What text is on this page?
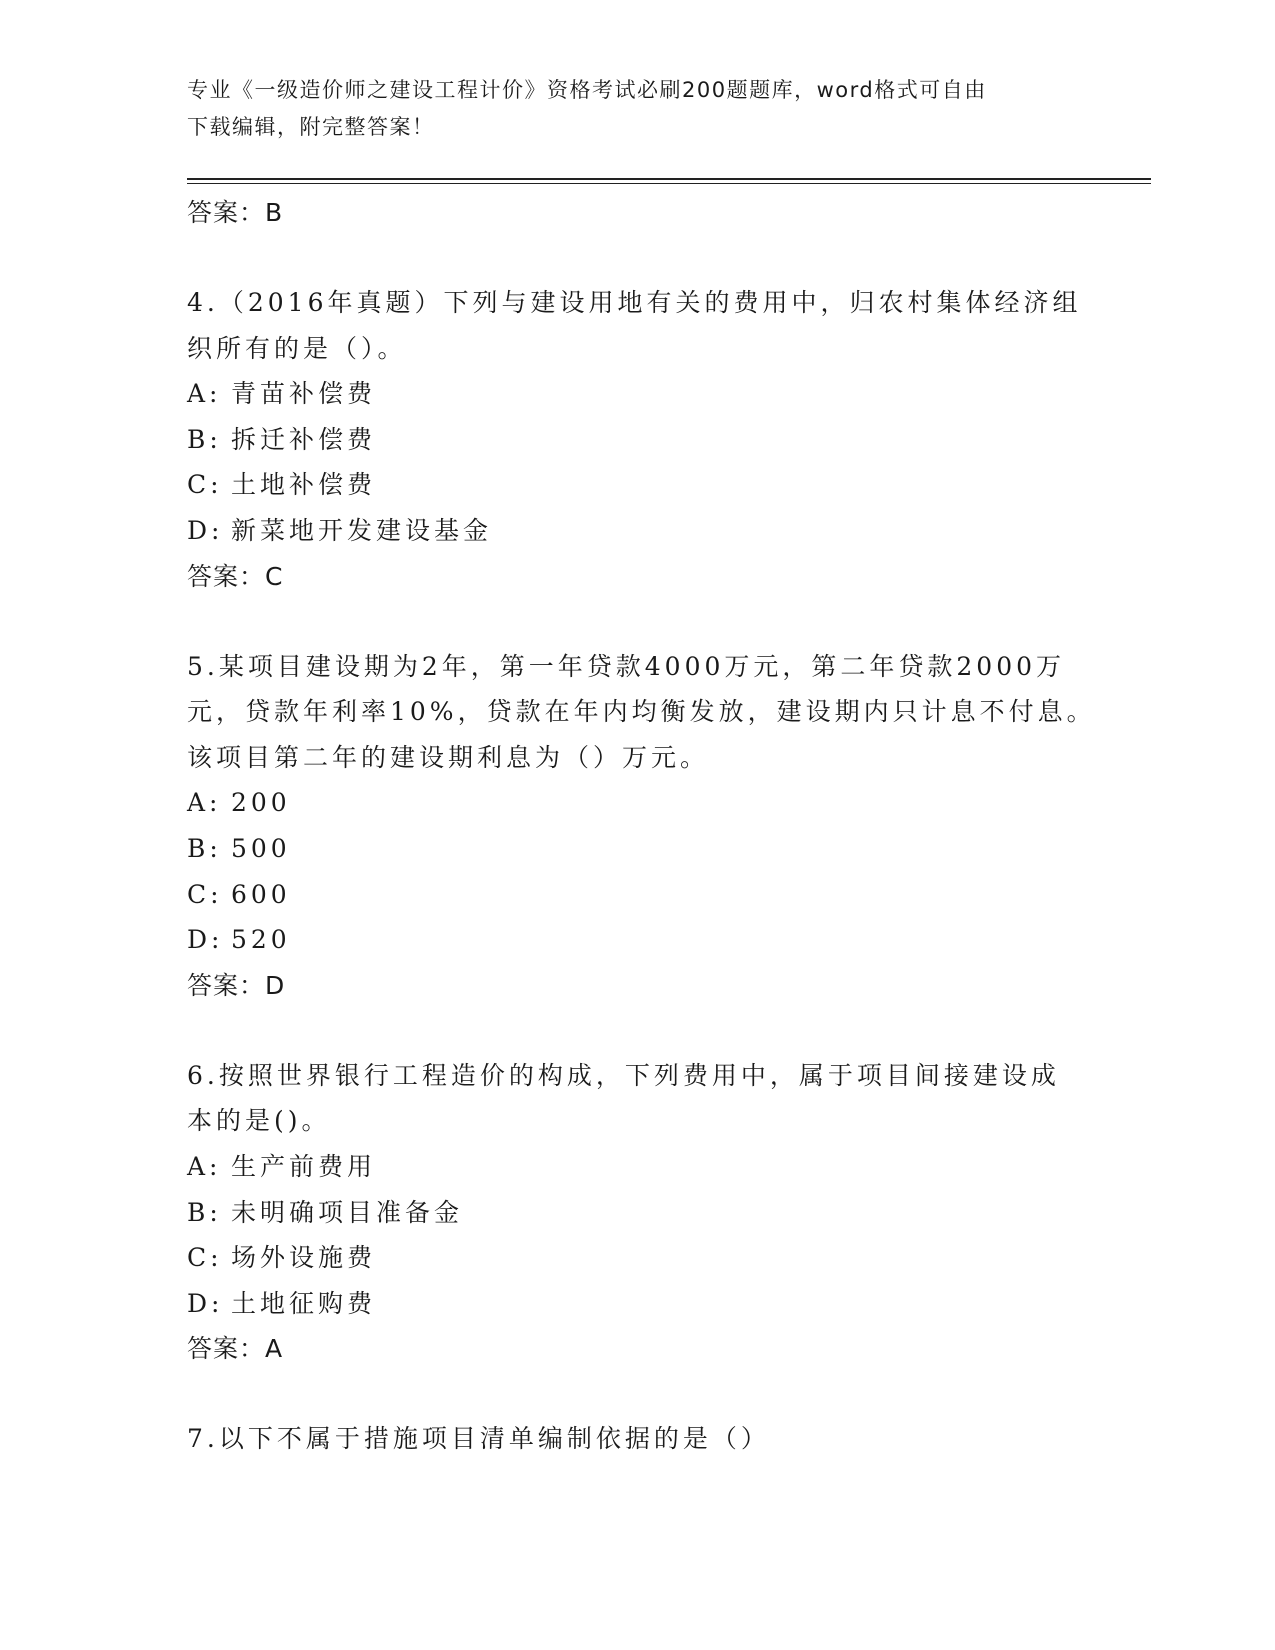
专业《一级造价师之建设工程计价》资格考试必刷200题题库，word格式可自由
下载编辑，附完整答案！
答案：B
4.（2016年真题）下列与建设用地有关的费用中，归农村集体经济组
织所有的是（）。
A: 青苗补偿费
B: 拆迁补偿费
C: 土地补偿费
D: 新菜地开发建设基金
答案：C
5.某项目建设期为2年，第一年贷款4000万元，第二年贷款2000万
元，贷款年利率10%，贷款在年内均衡发放，建设期内只计息不付息。
该项目第二年的建设期利息为（）万元。
A: 200
B: 500
C: 600
D: 520
答案：D
6.按照世界银行工程造价的构成，下列费用中，属于项目间接建设成
本的是()。
A: 生产前费用
B: 未明确项目准备金
C: 场外设施费
D: 土地征购费
答案：A
7.以下不属于措施项目清单编制依据的是（）
